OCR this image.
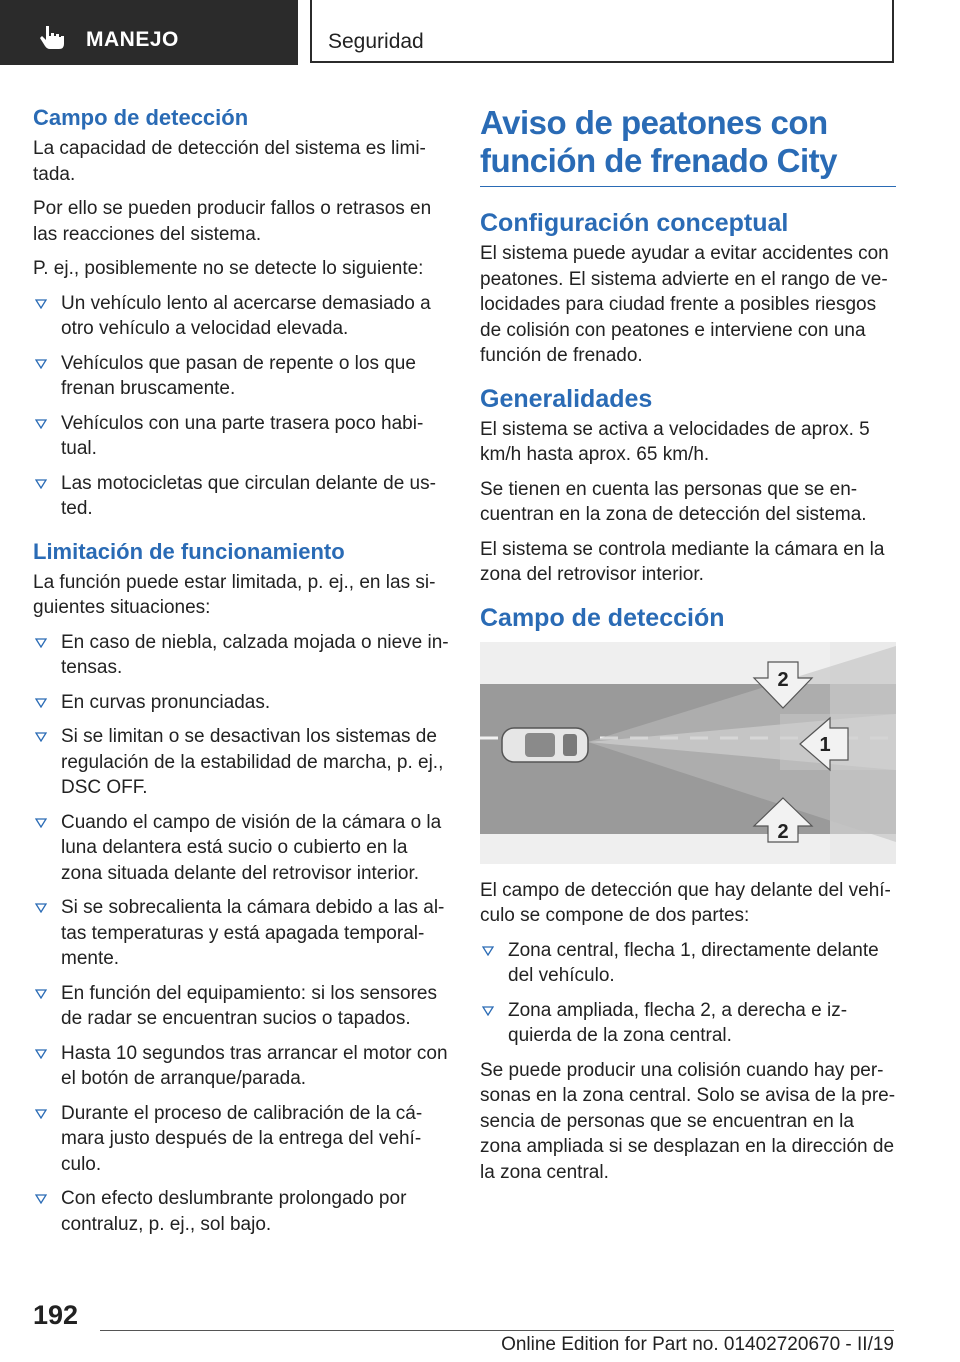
MANEJO	Seguridad
Campo de detección

La capacidad de detección del sistema es limi-tada.

Por ello se pueden producir fallos o retrasos en las reacciones del sistema.

P. ej., posiblemente no se detecte lo siguiente:

Un vehículo lento al acercarse demasiado a otro vehículo a velocidad elevada.
Vehículos que pasan de repente o los que frenan bruscamente.
Vehículos con una parte trasera poco habi-tual.
Las motocicletas que circulan delante de us-ted.
Limitación de funcionamiento

La función puede estar limitada, p. ej., en las si-guientes situaciones:

En caso de niebla, calzada mojada o nieve in-tensas.
En curvas pronunciadas.
Si se limitan o se desactivan los sistemas de regulación de la estabilidad de marcha, p. ej., DSC OFF.
Cuando el campo de visión de la cámara o la luna delantera está sucio o cubierto en la zona situada delante del retrovisor interior.
Si se sobrecalienta la cámara debido a las al-tas temperaturas y está apagada temporal-mente.
En función del equipamiento: si los sensores de radar se encuentran sucios o tapados.
Hasta 10 segundos tras arrancar el motor con el botón de arranque/parada.
Durante el proceso de calibración de la cá-mara justo después de la entrega del vehí-culo.
Con efecto deslumbrante prolongado por contraluz, p. ej., sol bajo.
Aviso de peatones con función de frenado City
Configuración conceptual

El sistema puede ayudar a evitar accidentes con peatones. El sistema advierte en el rango de ve-locidades para ciudad frente a posibles riesgos de colisión con peatones e interviene con una función de frenado.

Generalidades

El sistema se activa a velocidades de aprox. 5 km/h hasta aprox. 65 km/h.

Se tienen en cuenta las personas que se en-cuentran en la zona de detección del sistema.

El sistema se controla mediante la cámara en la zona del retrovisor interior.

Campo de detección
2
1
2

El campo de detección que hay delante del vehí-culo se compone de dos partes:

Zona central, flecha 1, directamente delante del vehículo.
Zona ampliada, flecha 2, a derecha e iz-quierda de la zona central.

Se puede producir una colisión cuando hay per-sonas en la zona central. Solo se avisa de la pre-sencia de personas que se encuentran en la zona ampliada si se desplazan en la dirección de la zona central.

192
Online Edition for Part no. 01402720670 - II/19
